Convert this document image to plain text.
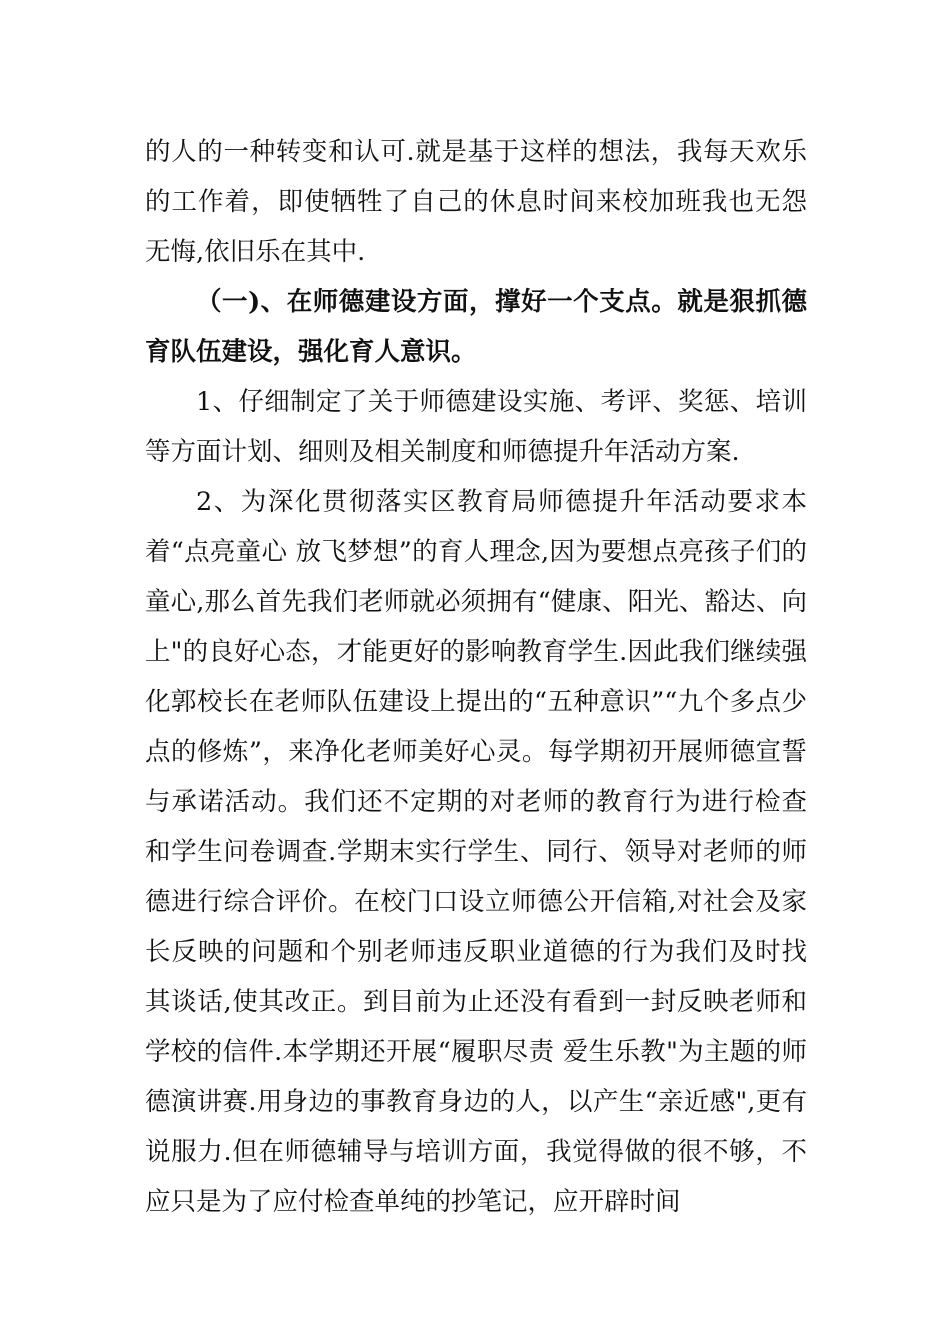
的人的一种转变和认可.就是基于这样的想法，我每天欢乐的工作着，即使牺牲了自己的休息时间来校加班我也无怨无悔,依旧乐在其中.

（一)、在师德建设方面，撑好一个支点。就是狠抓德育队伍建设，强化育人意识。

1、仔细制定了关于师德建设实施、考评、奖惩、培训等方面计划、细则及相关制度和师德提升年活动方案.

2、为深化贯彻落实区教育局师德提升年活动要求本着“点亮童心 放飞梦想”的育人理念,因为要想点亮孩子们的童心,那么首先我们老师就必须拥有“健康、阳光、豁达、向上"的良好心态，才能更好的影响教育学生.因此我们继续强化郭校长在老师队伍建设上提出的“五种意识”“九个多点少点的修炼”，来净化老师美好心灵。每学期初开展师德宣誓与承诺活动。我们还不定期的对老师的教育行为进行检查和学生问卷调查.学期末实行学生、同行、领导对老师的师德进行综合评价。在校门口设立师德公开信箱,对社会及家长反映的问题和个别老师违反职业道德的行为我们及时找其谈话,使其改正。到目前为止还没有看到一封反映老师和学校的信件.本学期还开展“履职尽责 爱生乐教"为主题的师德演讲赛.用身边的事教育身边的人，以产生“亲近感",更有说服力.但在师德辅导与培训方面，我觉得做的很不够，不应只是为了应付检查单纯的抄笔记，应开辟时间
